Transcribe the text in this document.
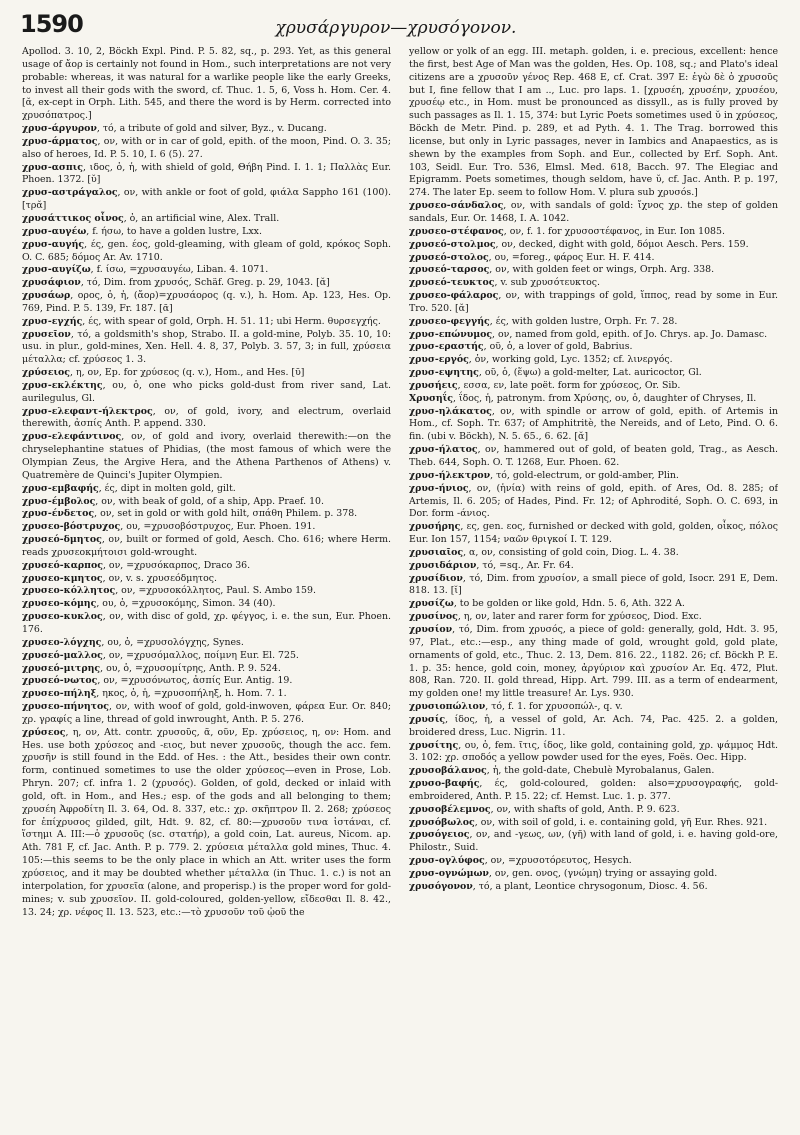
1590	χρυσάργυρον—χρυσόγονον.

Apollod. 3. 10, 2, Böckh Expl. Pind. P. 5. 82, sq., p. 293. Yet, as this general usage of ἄορ is certainly not found in Hom., such interpretations are not very probable: whereas, it was natural for a warlike people like the early Greeks, to invest all their gods with the sword, cf. Thuc. 1. 5, 6, Voss h. Hom. Cer. 4. [ᾰ, ex-cept in Orph. Lith. 545, and there the word is by Herm. corrected into χρυσόπατρος.]

χρυσ-άργυρον, τό, a tribute of gold and silver, Byz., v. Ducang.

χρυσ-άρματος, ον, with or in car of gold, epith. of the moon, Pind. O. 3. 35; also of heroes, Id. P. 5. 10, I. 6 (5). 27.

χρυσ-ασπις, ιδος, ὁ, ἡ, with shield of gold, Θήβη Pind. I. 1. 1; Παλλὰς Eur. Phoen. 1372. [ῠ]

χρυσ-αστράγαλος, ον, with ankle or foot of gold, φιάλα Sappho 161 (100). [τρᾰ]

χρυσάττικος οἶνος, ὁ, an artificial wine, Alex. Trall.

χρυσ-αυγέω, f. ήσω, to have a golden lustre, Lxx.

χρυσ-αυγής, ές, gen. έος, gold-gleaming, with gleam of gold, κρόκος Soph. O. C. 685; δόμος Ar. Av. 1710.

χρυσ-αυγίζω, f. ίσω, =χρυσαυγέω, Liban. 4. 1071.

χρυσάφιον, τό, Dim. from χρυσός, Schäf. Greg. p. 29, 1043. [ᾰ]

χρυσάωρ, ορος, ὁ, ἡ, (ἄορ)=χρυσάορος (q. v.), h. Hom. Ap. 123, Hes. Op. 769, Pind. P. 5. 139, Fr. 187. [ᾱ]

χρυσ-εγχής, ές, with spear of gold, Orph. H. 51. 11; ubi Herm. θυρσεγχής.

χρυσεῖον, τό, a goldsmith's shop, Strabo. II. a gold-mine, Polyb. 35. 10, 10: usu. in plur., gold-mines, Xen. Hell. 4. 8, 37, Polyb. 3. 57, 3; in full, χρύσεια μέταλλα; cf. χρύσεος 1. 3.

χρύσειος, η, ον, Ep. for χρύσεος (q. v.), Hom., and Hes. [ῡ]

χρυσ-εκλέκτης, ου, ὁ, one who picks gold-dust from river sand, Lat. aurilegulus, Gl.

χρυσ-ελεφαντ-ήλεκτρος, ον, of gold, ivory, and electrum, overlaid therewith, ἀσπίς Anth. P. append. 330.

χρυσ-ελεφάντινος, ον, of gold and ivory, overlaid therewith:—on the chryselephantine statues of Phidias, (the most famous of which were the Olympian Zeus, the Argive Hera, and the Athena Parthenos of Athens) v. Quatremère de Quinci's Jupiter Olympien.

χρυσ-εμβαφής, ές, dipt in molten gold, gilt.

χρυσ-έμβολος, ον, with beak of gold, of a ship, App. Praef. 10.

χρυσ-ένδετος, ον, set in gold or with gold hilt, σπάθη Philem. p. 378.

χρυσεο-βόστρυχος, ου, =χρυσοβόστρυχος, Eur. Phoen. 191.

χρυσεό-δμητος, ον, built or formed of gold, Aesch. Cho. 616; where Herm. reads χρυσεοκμήτοισι gold-wrought.

χρυσεό-καρπος, ον, =χρυσόκαρπος, Draco 36.

χρυσεο-κμητος, ον, v. s. χρυσεόδμητος.

χρυσεο-κόλλητος, ον, =χρυσοκόλλητος, Paul. S. Ambo 159.

χρυσεο-κόμης, ου, ὁ, =χρυσοκόμης, Simon. 34 (40).

χρυσεο-κυκλος, ον, with disc of gold, χρ. φέγγος, i. e. the sun, Eur. Phoen. 176.

χρυσεο-λόγχης, ου, ὁ, =χρυσολόγχης, Synes.

χρυσεό-μαλλος, ον, =χρυσόμαλλος, ποίμνη Eur. El. 725.

χρυσεό-μιτρης, ου, ὁ, =χρυσομίτρης, Anth. P. 9. 524.

χρυσεό-νωτος, ον, =χρυσόνωτος, ἀσπίς Eur. Antig. 19.

χρυσεο-πήληξ, ηκος, ὁ, ἡ, =χρυσοπήληξ, h. Hom. 7. 1.

χρυσεο-πήνητος, ον, with woof of gold, gold-inwoven, φάρεα Eur. Or. 840; χρ. γραφίς a line, thread of gold inwrought, Anth. P. 5. 276.

χρύσεος, η, ον, Att. contr. χρυσοῦς, ᾶ, οῦν, Ep. χρύσειος, η, ον: Hom. and Hes. use both χρύσεος and -ειος, but never χρυσοῦς, though the acc. fem. χρυσῆν is still found in the Edd. of Hes. : the Att., besides their own contr. form, continued sometimes to use the older χρύσεος—even in Prose, Lob. Phryn. 207; cf. infra 1. 2 (χρυσός). Golden, of gold, decked or inlaid with gold, oft. in Hom., and Hes.; esp. of the gods and all belonging to them; χρυσέη Ἀφροδίτη Il. 3. 64, Od. 8. 337, etc.: χρ. σκῆπτρον Il. 2. 268; χρύσεος for ἐπίχρυσος gilded, gilt, Hdt. 9. 82, cf. 80:—χρυσοῦν τινα ἱστάναι, cf. ἵστημι A. III:—ὁ χρυσοῦς (sc. στατήρ), a gold coin, Lat. aureus, Nicom. ap. Ath. 781 F, cf. Jac. Anth. P. p. 779. 2. χρύσεια μέταλλα gold mines, Thuc. 4. 105:—this seems to be the only place in which an Att. writer uses the form χρύσειος, and it may be doubted whether μέταλλα (in Thuc. 1. c.) is not an interpolation, for χρυσεῖα (alone, and properisp.) is the proper word for gold-mines; v. sub χρυσεῖον. II. gold-coloured, golden-yellow, εἴδεσθαι Il. 8. 42., 13. 24; χρ. νέφος Il. 13. 523, etc.:—τὸ χρυσοῦν τοῦ ᾠοῦ the

yellow or yolk of an egg. III. metaph. golden, i. e. precious, excellent: hence the first, best Age of Man was the golden, Hes. Op. 108, sq.; and Plato's ideal citizens are a χρυσοῦν γένος Rep. 468 E, cf. Crat. 397 E: ἐγὼ δὲ ὁ χρυσοῦς but I, fine fellow that I am .., Luc. pro laps. 1. [χρυσέη, χρυσέην, χρυσέου, χρυσέῳ etc., in Hom. must be pronounced as dissyll., as is fully proved by such passages as Il. 1. 15, 374: but Lyric Poets sometimes used ῠ in χρύσεος, Böckh de Metr. Pind. p. 289, et ad Pyth. 4. 1. The Trag. borrowed this license, but only in Lyric passages, never in Iambics and Anapaestics, as is shewn by the examples from Soph. and Eur., collected by Erf. Soph. Ant. 103, Seidl. Eur. Tro. 536, Elmsl. Med. 618, Bacch. 97. The Elegiac and Epigramm. Poets sometimes, though seldom, have ῠ, cf. Jac. Anth. P. p. 197, 274. The later Ep. seem to follow Hom. V. plura sub χρυσόs.]

χρυσεο-σάνδαλος, ον, with sandals of gold: ἴχνος χρ. the step of golden sandals, Eur. Or. 1468, I. A. 1042.

χρυσεο-στέφανος, ον, f. 1. for χρυσοστέφανος, in Eur. Ion 1085.

χρυσεό-στολμος, ον, decked, dight with gold, δόμοι Aesch. Pers. 159.

χρυσεό-στολος, ου, =foreg., φάρος Eur. H. F. 414.

χρυσεό-ταρσος, ον, with golden feet or wings, Orph. Arg. 338.

χρυσεό-τευκτος, v. sub χρυσότευκτος.

χρυσεο-φάλαρος, ον, with trappings of gold, ἵππος, read by some in Eur. Tro. 520. [ᾰ]

χρυσεο-φεγγής, ές, with golden lustre, Orph. Fr. 7. 28.

χρυσ-επώνυμος, ον, named from gold, epith. of Jo. Chrys. ap. Jo. Damasc.

χρυσ-εραστής, οῦ, ὁ, a lover of gold, Babrius.

χρυσ-εργός, ὁν, working gold, Lyc. 1352; cf. λινεργός.

χρυσ-εψητης, οῦ, ὁ, (ἕψω) a gold-melter, Lat. auricoctor, Gl.

χρυσήεις, εσσα, εν, late poët. form for χρύσεος, Or. Sib.

Χρυσηΐς, ΐδος, ἡ, patronym. from Χρύσης, ου, ὁ, daughter of Chryses, Il.

χρυσ-ηλάκατος, ον, with spindle or arrow of gold, epith. of Artemis in Hom., cf. Soph. Tr. 637; of Amphitritè, the Nereids, and of Leto, Pind. O. 6. fin. (ubi v. Böckh), N. 5. 65., 6. 62. [ᾰ]

χρυσ-ήλατος, ον, hammered out of gold, of beaten gold, Trag., as Aesch. Theb. 644, Soph. O. T. 1268, Eur. Phoen. 62.

χρυσ-ήλεκτρον, τό, gold-electrum, or gold-amber, Plin.

χρυσ-ήνιος, ον, (ἡνία) with reins of gold, epith. of Ares, Od. 8. 285; of Artemis, Il. 6. 205; of Hades, Pind. Fr. 12; of Aphrodité, Soph. O. C. 693, in Dor. form -άνιος.

χρυσήρης, ες, gen. εος, furnished or decked with gold, golden, οἶκος, πόλος Eur. Ion 157, 1154; ναῶν θριγκοί I. T. 129.

χρυσιαῖος, α, ον, consisting of gold coin, Diog. L. 4. 38.

χρυσιδάριον, τό, =sq., Ar. Fr. 64.

χρυσίδιον, τό, Dim. from χρυσίον, a small piece of gold, Isocr. 291 E, Dem. 818. 13. [ῐ]

χρυσίζω, to be golden or like gold, Hdn. 5. 6, Ath. 322 A.

χρυσίνος, η, ον, later and rarer form for χρύσεος, Diod. Exc.

χρυσίον, τό, Dim. from χρυσός, a piece of gold: generally, gold, Hdt. 3. 95, 97, Plat., etc.:—esp., any thing made of gold, wrought gold, gold plate, ornaments of gold, etc., Thuc. 2. 13, Dem. 816. 22., 1182. 26; cf. Böckh P. E. 1. p. 35: hence, gold coin, money, ἀργύριον καὶ χρυσίον Ar. Eq. 472, Plut. 808, Ran. 720. II. gold thread, Hipp. Art. 799. III. as a term of endearment, my golden one! my little treasure! Ar. Lys. 930.

χρυσιοπώλιον, τό, f. 1. for χρυσοπώλ-, q. v.

χρυσίς, ίδος, ἡ, a vessel of gold, Ar. Ach. 74, Pac. 425. 2. a golden, broidered dress, Luc. Nigrin. 11.

χρυσίτης, ου, ὁ, fem. ῖτις, ίδος, like gold, containing gold, χρ. ψάμμος Hdt. 3. 102: χρ. σποδός a yellow powder used for the eyes, Foës. Oec. Hipp.

χρυσοβάλανος, ἡ, the gold-date, Chebulè Myrobalanus, Galen.

χρυσο-βαφής, ές, gold-coloured, golden: also=χρυσογραφής, gold-embroidered, Anth. P. 15. 22; cf. Hemst. Luc. 1. p. 377.

χρυσοβέλεμνος, ον, with shafts of gold, Anth. P. 9. 623.

χρυσόβωλος, ον, with soil of gold, i. e. containing gold, γῆ Eur. Rhes. 921.

χρυσόγειος, ον, and -γεως, ων, (γῆ) with land of gold, i. e. having gold-ore, Philostr., Suid.

χρυσ-ογλύφος, ον, =χρυσοτόρευτος, Hesych.

χρυσ-ογνώμων, ον, gen. ονος, (γνώμη) trying or assaying gold.

χρυσόγονον, τό, a plant, Leontice chrysogonum, Diosc. 4. 56.
